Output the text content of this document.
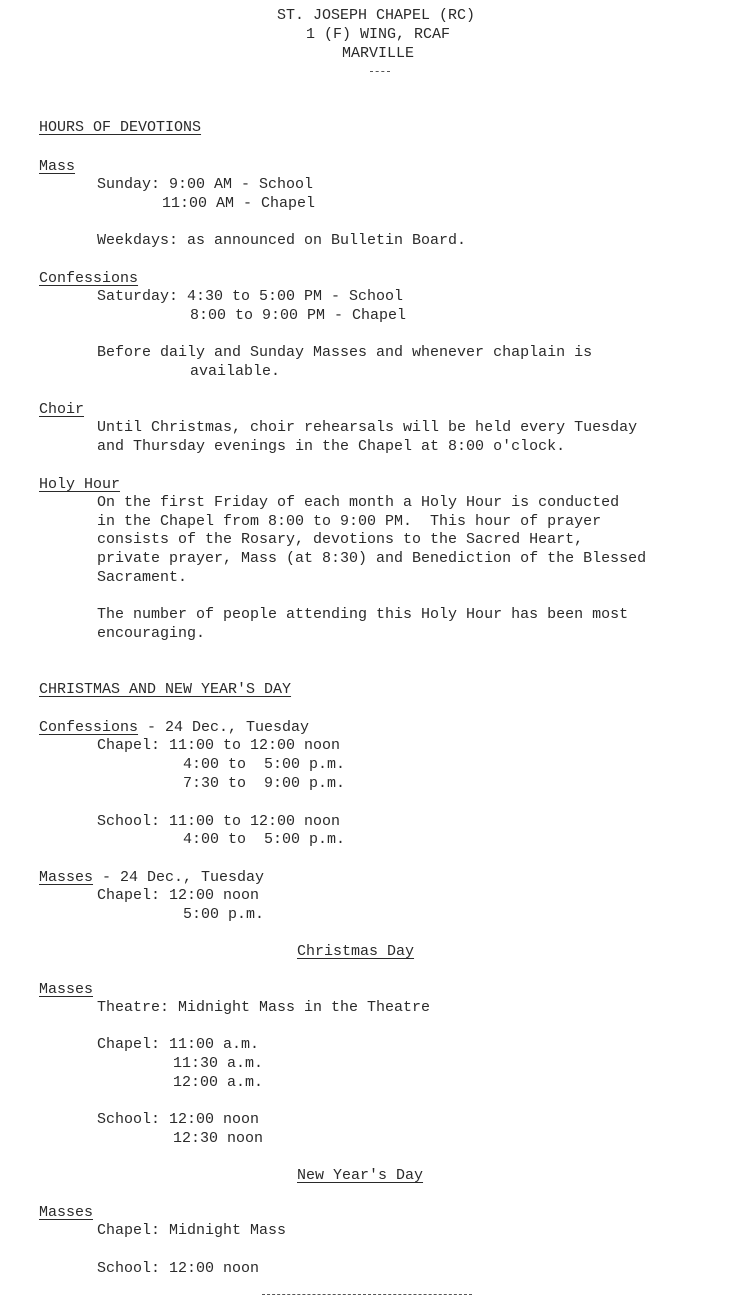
ST. JOSEPH CHAPEL (RC)
1 (F) WING, RCAF
MARVILLE
HOURS OF DEVOTIONS
Mass
Sunday: 9:00 AM - School
11:00 AM - Chapel
Weekdays: as announced on Bulletin Board.
Confessions
Saturday: 4:30 to 5:00 PM - School
8:00 to 9:00 PM - Chapel
Before daily and Sunday Masses and whenever chaplain is
available.
Choir
Until Christmas, choir rehearsals will be held every Tuesday
and Thursday evenings in the Chapel at 8:00 o'clock.
Holy Hour
On the first Friday of each month a Holy Hour is conducted
in the Chapel from 8:00 to 9:00 PM.  This hour of prayer
consists of the Rosary, devotions to the Sacred Heart,
private prayer, Mass (at 8:30) and Benediction of the Blessed
Sacrament.
The number of people attending this Holy Hour has been most
encouraging.
CHRISTMAS AND NEW YEAR'S DAY
Confessions - 24 Dec., Tuesday
Chapel: 11:00 to 12:00 noon
4:00 to  5:00 p.m.
7:30 to  9:00 p.m.
School: 11:00 to 12:00 noon
4:00 to  5:00 p.m.
Masses - 24 Dec., Tuesday
Chapel: 12:00 noon
5:00 p.m.
Christmas Day
Masses
Theatre: Midnight Mass in the Theatre
Chapel: 11:00 a.m.
11:30 a.m.
12:00 a.m.
School: 12:00 noon
12:30 noon
New Year's Day
Masses
Chapel: Midnight Mass
School: 12:00 noon
